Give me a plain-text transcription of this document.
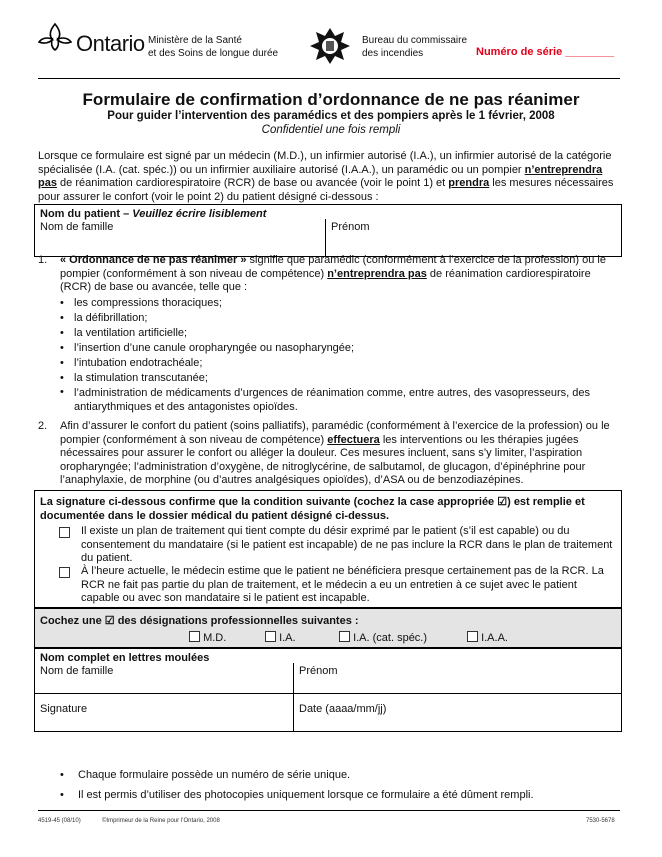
Ontario Ministère de la Santé
et des Soins de longue durée
Bureau du commissaire
des incendies	Numéro de série ________
Formulaire de confirmation d’ordonnance de ne pas réanimer
Pour guider l’intervention des paramédics et des pompiers après le 1 février, 2008
Confidentiel une fois rempli
Lorsque ce formulaire est signé par un médecin (M.D.), un infirmier autorisé (I.A.), un infirmier autorisé de la catégorie spécialisée (I.A. (cat. spéc.)) ou un infirmier auxiliaire autorisé (I.A.A.), un paramédic ou un pompier n’entreprendra pas de réanimation cardiorespiratoire (RCR) de base ou avancée (voir le point 1) et prendra les mesures nécessaires pour assurer le confort (voir le point 2) du patient désigné ci-dessous :
Nom du patient – Veuillez écrire lisiblement
Nom de famille	Prénom
1. « Ordonnance de ne pas réanimer » signifie que paramédic (conformément à l’exercice de la profession) ou le pompier (conformément à son niveau de compétence) n’entreprendra pas de réanimation cardiorespiratoire (RCR) de base ou avancée, telle que :
• les compressions thoraciques;
• la défibrillation;
• la ventilation artificielle;
• l’insertion d’une canule oropharyngée ou nasopharyngée;
• l’intubation endotrachéale;
• la stimulation transcutanée;
• l’administration de médicaments d’urgences de réanimation comme, entre autres, des vasopresseurs, des antiarythmiques et des antagonistes opioïdes.
2. Afin d’assurer le confort du patient (soins palliatifs), paramédic (conformément à l’exercice de la profession) ou le pompier (conformément à son niveau de compétence) effectuera les interventions ou les thérapies jugées nécessaires pour assurer le confort ou alléger la douleur. Ces mesures incluent, sans s’y limiter, l’aspiration oropharyngée; l’administration d’oxygène, de nitroglycérine, de salbutamol, de glucagon, d’épinéphrine pour l’anaphylaxie, de morphine (ou d’autres analgésiques opioïdes), d’ASA ou de benzodiazépines.
La signature ci-dessous confirme que la condition suivante (cochez la case appropriée ☑) est remplie et documentée dans le dossier médical du patient désigné ci-dessus.
Il existe un plan de traitement qui tient compte du désir exprimé par le patient (s’il est capable) ou du consentement du mandataire (si le patient est incapable) de ne pas inclure la RCR dans le plan de traitement du patient.
À l’heure actuelle, le médecin estime que le patient ne bénéficiera presque certainement pas de la RCR. La RCR ne fait pas partie du plan de traitement, et le médecin a eu un entretien à ce sujet avec le patient capable ou avec son mandataire si le patient est incapable.
Cochez une ☑ des désignations professionnelles suivantes :
M.D.	I.A.	I.A. (cat. spéc.)	I.A.A.
Nom complet en lettres moulées
Nom de famille	Prénom
Signature	Date (aaaa/mm/jj)
• Chaque formulaire possède un numéro de série unique.
• Il est permis d’utiliser des photocopies uniquement lorsque ce formulaire a été dûment rempli.
4519-45 (08/10)	©Imprimeur de la Reine pour l’Ontario, 2008	7530-5678
